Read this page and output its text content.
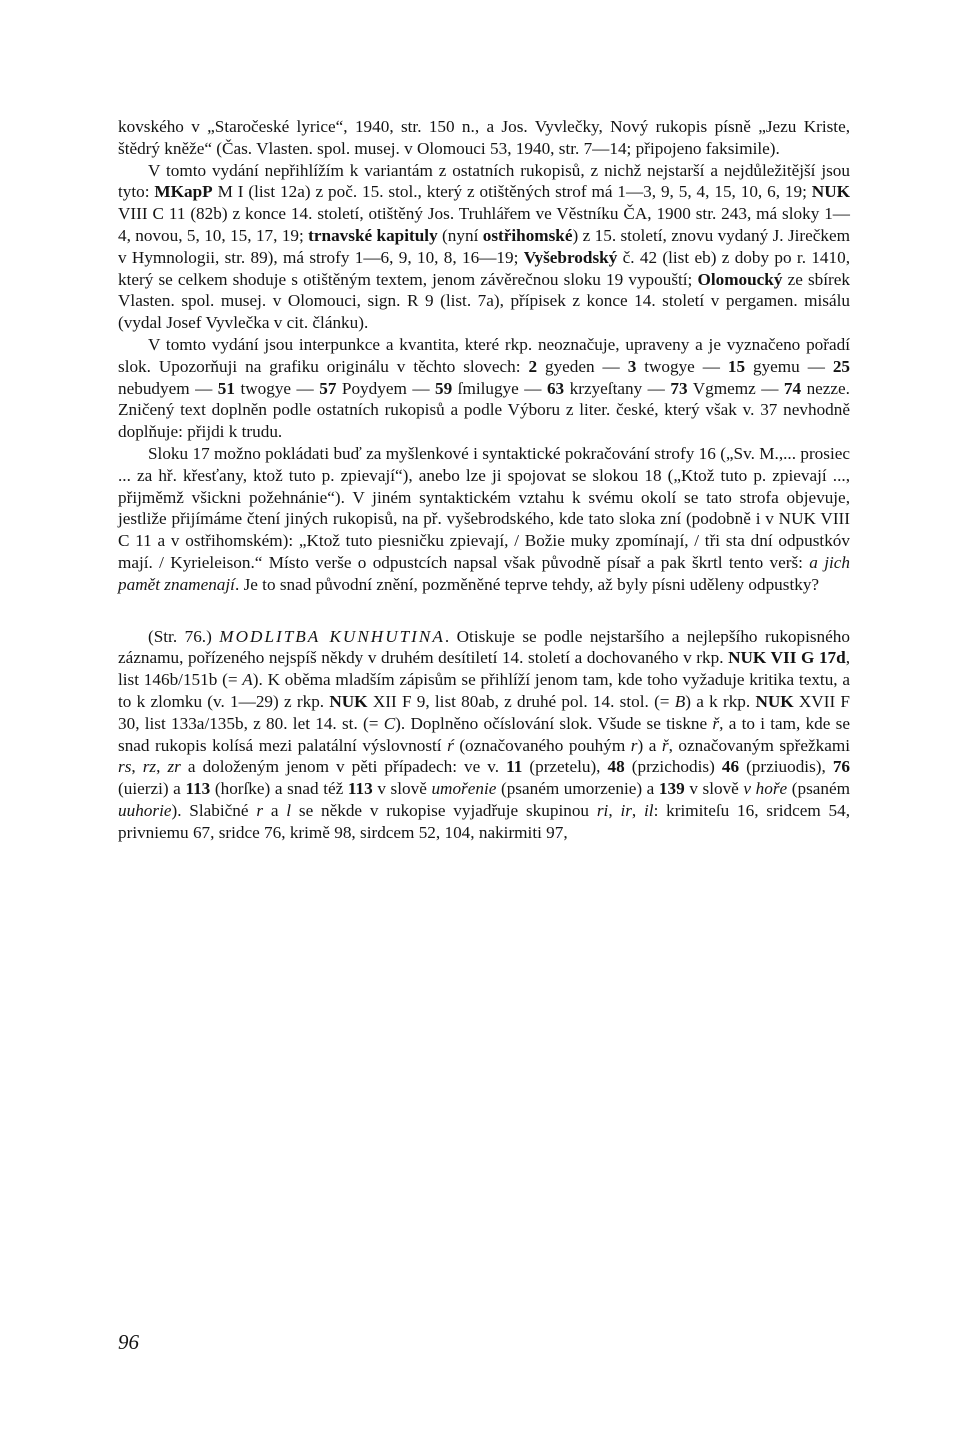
kovského v „Staročeské lyrice“, 1940, str. 150 n., a Jos. Vyvlečky, Nový rukopis písně „Jezu Kriste, štědrý kněže“ (Čas. Vlasten. spol. musej. v Olomouci 53, 1940, str. 7—14; připojeno faksimile).

V tomto vydání nepřihlížím k variantám z ostatních rukopisů, z nichž nejstarší a nejdůležitější jsou tyto: MKapP M I (list 12a) z poč. 15. stol., který z otištěných strof má 1—3, 9, 5, 4, 15, 10, 6, 19; NUK VIII C 11 (82b) z konce 14. století, otištěný Jos. Truhlářem ve Věstníku ČA, 1900 str. 243, má sloky 1—4, novou, 5, 10, 15, 17, 19; trnavské kapituly (nyní ostřihomské) z 15. století, znovu vydaný J. Jirečkem v Hymnologii, str. 89), má strofy 1—6, 9, 10, 8, 16—19; Vyšebrodský č. 42 (list eb) z doby po r. 1410, který se celkem shoduje s otištěným textem, jenom závěrečnou sloku 19 vypouští; Olomoucký ze sbírek Vlasten. spol. musej. v Olomouci, sign. R 9 (list. 7a), přípisek z konce 14. století v pergamen. misálu (vydal Josef Vyvlečka v cit. článku).

V tomto vydání jsou interpunkce a kvantita, které rkp. neoznačuje, upraveny a je vyznačeno pořadí slok. Upozorňuji na grafiku originálu v těchto slovech: 2 gyeden — 3 twogye — 15 gyemu — 25 nebudyem — 51 twogye — 57 Poydyem — 59 ſmilugye — 63 krzyeſtany — 73 Vgmemz — 74 nezze. Zničený text doplněn podle ostatních rukopisů a podle Výboru z liter. české, který však v. 37 nevhodně doplňuje: přijdi k trudu.

Sloku 17 možno pokládati buď za myšlenkové i syntaktické pokračování strofy 16 („Sv. M.,... prosiec ... za hř. křesťany, ktož tuto p. zpievají“), anebo lze ji spojovat se slokou 18 („Ktož tuto p. zpievají ..., přijměmž všickni požehnánie“). V jiném syntaktickém vztahu k svému okolí se tato strofa objevuje, jestliže přijímáme čtení jiných rukopisů, na př. vyšebrodského, kde tato sloka zní (podobně i v NUK VIII C 11 a v ostřihomském): „Ktož tuto piesničku zpievají, / Božie muky zpomínají, / tři sta dní odpustkóv mají. / Kyrieleison.“ Místo verše o odpustcích napsal však původně písař a pak škrtl tento verš: a jich pamět znamenají. Je to snad původní znění, pozměněné teprve tehdy, až byly písni uděleny odpustky?

(Str. 76.) MODLITBA KUNHUTINA. Otiskuje se podle nejstaršího a nejlepšího rukopisného záznamu, pořízeného nejspíš někdy v druhém desítiletí 14. století a dochovaného v rkp. NUK VII G 17d, list 146b/151b (= A). K oběma mladším zápisům se přihlíží jenom tam, kde toho vyžaduje kritika textu, a to k zlomku (v. 1—29) z rkp. NUK XII F 9, list 80ab, z druhé pol. 14. stol. (= B) a k rkp. NUK XVII F 30, list 133a/135b, z 80. let 14. st. (= C). Doplněno očíslování slok. Všude se tiskne ř, a to i tam, kde se snad rukopis kolísá mezi palatální výslovností ŕ (označovaného pouhým r) a ř, označovaným spřežkami rs, rz, zr a doloženým jenom v pěti případech: ve v. 11 (przetelu), 48 (przichodis) 46 (prziuodis), 76 (uierzi) a 113 (horſke) a snad též 113 v slově umořenie (psaném umorzenie) a 139 v slově v hoře (psaném uuhorie). Slabičné r a l se někde v rukopise vyjadřuje skupinou ri, ir, il: krimiteſu 16, sridcem 54, privniemu 67, sridce 76, krimě 98, sirdcem 52, 104, nakirmiti 97,

96
